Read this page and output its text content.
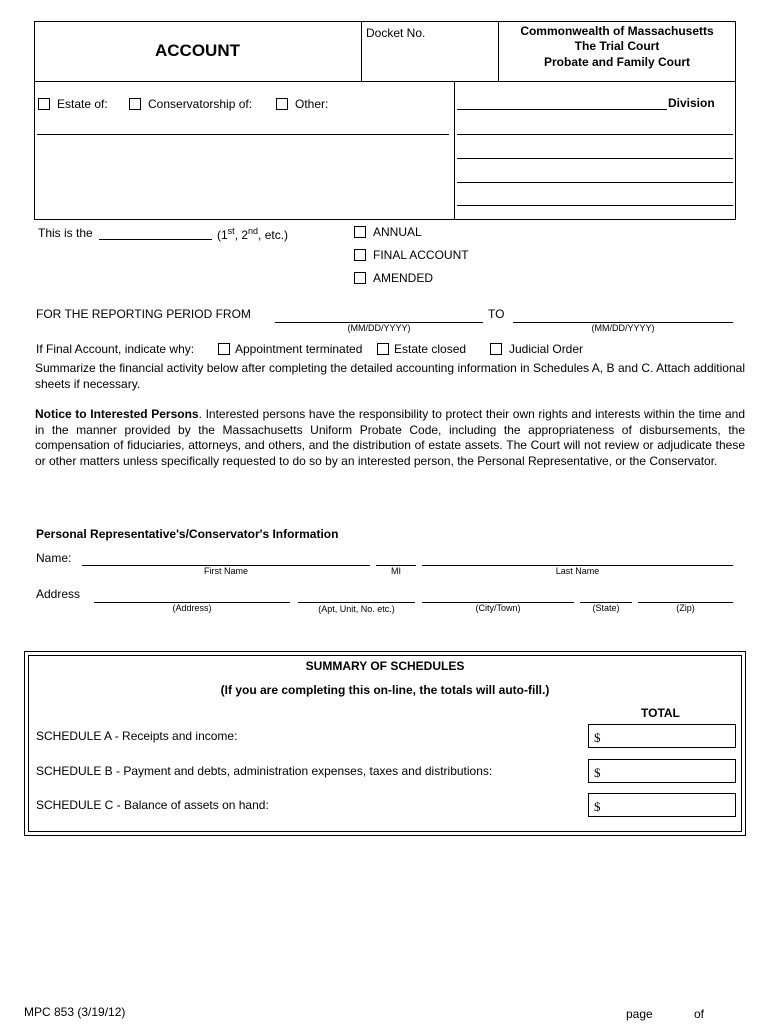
ACCOUNT
Docket No.	Commonwealth of Massachusetts
The Trial Court
Probate and Family Court
Estate of:	Conservatorship of:	Other:	Division
This is the	(1st, 2nd, etc.)	ANNUAL
FINAL ACCOUNT
AMENDED
FOR THE REPORTING PERIOD FROM
(MM/DD/YYYY)
TO
(MM/DD/YYYY)
If Final Account, indicate why:	Appointment terminated	Estate closed	Judicial Order
Summarize the financial activity below after completing the detailed accounting information in Schedules A, B and C. Attach additional sheets if necessary.
Notice to Interested Persons. Interested persons have the responsibility to protect their own rights and interests within the time and in the manner provided by the Massachusetts Uniform Probate Code, including the appropriateness of disbursements, the compensation of fiduciaries, attorneys, and others, and the distribution of estate assets. The Court will not review or adjudicate these or other matters unless specifically requested to do so by an interested person, the Personal Representative, or the Conservator.
Personal Representative's/Conservator's Information
Name:
First Name	MI	Last Name
Address
(Address)	(Apt, Unit, No. etc.)	(City/Town)	(State)	(Zip)
SUMMARY OF SCHEDULES
(If you are completing this on-line, the totals will auto-fill.)
TOTAL
SCHEDULE A - Receipts and income:	$
SCHEDULE B - Payment and debts, administration expenses, taxes and distributions:	$
SCHEDULE C - Balance of assets on hand:	$
MPC 853 (3/19/12)	page	of
